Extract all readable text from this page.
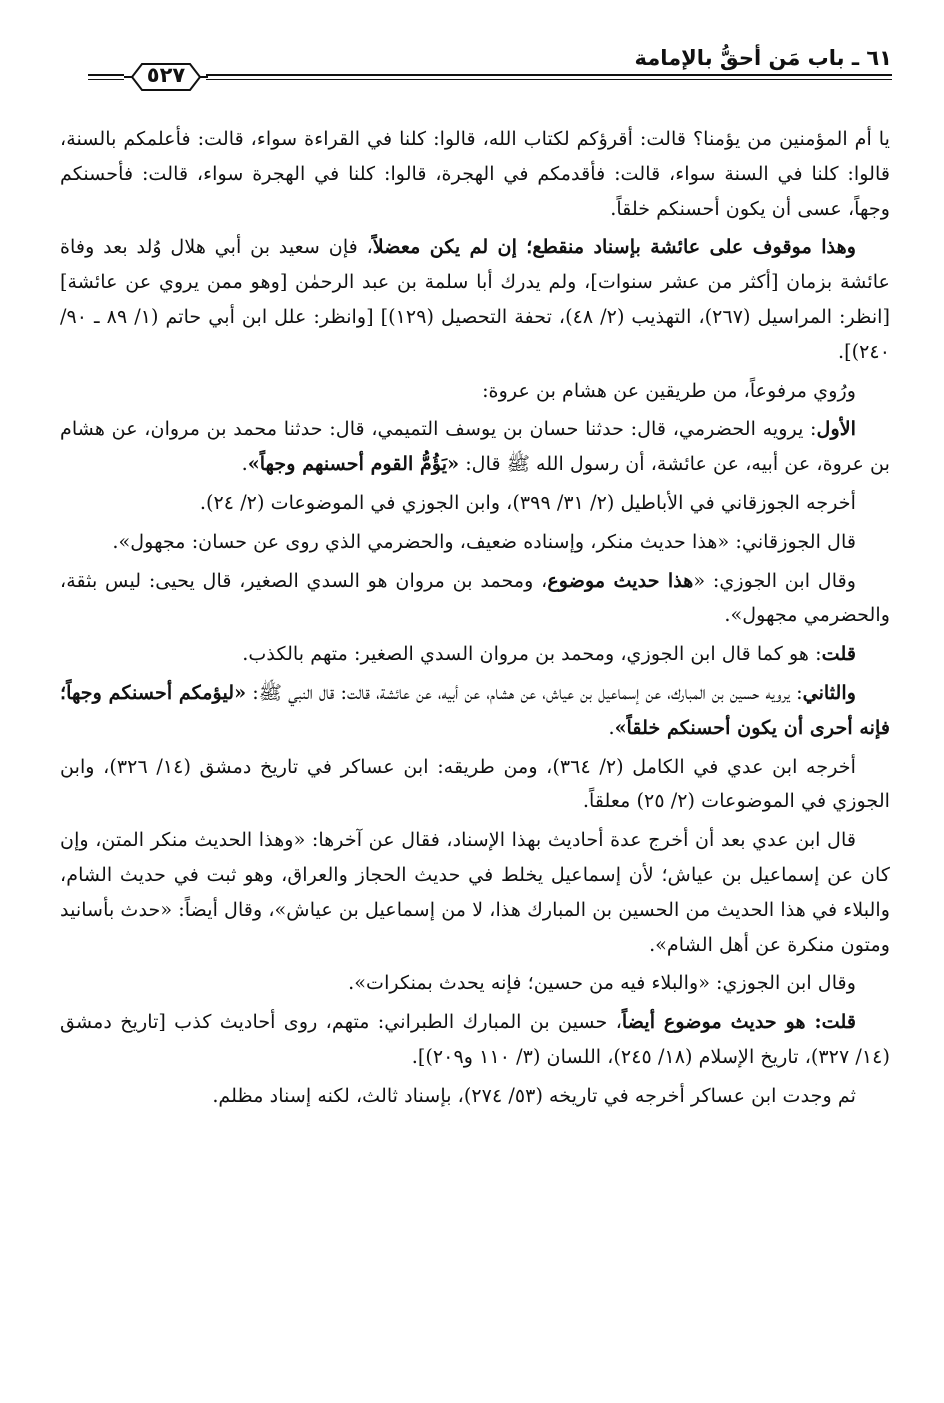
٦١ ـ باب مَن أحقُّ بالإمامة
٥٢٧

يا أم المؤمنين من يؤمنا؟ قالت: أقرؤكم لكتاب الله، قالوا: كلنا في القراءة سواء، قالت: فأعلمكم بالسنة، قالوا: كلنا في السنة سواء، قالت: فأقدمكم في الهجرة، قالوا: كلنا في الهجرة سواء، قالت: فأحسنكم وجهاً، عسى أن يكون أحسنكم خلقاً.

وهذا موقوف على عائشة بإسناد منقطع؛ إن لم يكن معضلاً، فإن سعيد بن أبي هلال وُلد بعد وفاة عائشة بزمان [أكثر من عشر سنوات]، ولم يدرك أبا سلمة بن عبد الرحمٰن [وهو ممن يروي عن عائشة] [انظر: المراسيل (٢٦٧)، التهذيب (٢/ ٤٨)، تحفة التحصيل (١٢٩)] [وانظر: علل ابن أبي حاتم (١/ ٨٩ ـ ٩٠/ ٢٤٠)].

ورُوي مرفوعاً، من طريقين عن هشام بن عروة:

الأول: يرويه الحضرمي، قال: حدثنا حسان بن يوسف التميمي، قال: حدثنا محمد بن مروان، عن هشام بن عروة، عن أبيه، عن عائشة، أن رسول الله ﷺ قال: «يَؤُمُّ القوم أحسنهم وجهاً».

أخرجه الجوزقاني في الأباطيل (٢/ ٣١/ ٣٩٩)، وابن الجوزي في الموضوعات (٢/ ٢٤).

قال الجوزقاني: «هذا حديث منكر، وإسناده ضعيف، والحضرمي الذي روى عن حسان: مجهول».

وقال ابن الجوزي: «هذا حديث موضوع، ومحمد بن مروان هو السدي الصغير، قال يحيى: ليس بثقة، والحضرمي مجهول».

قلت: هو كما قال ابن الجوزي، ومحمد بن مروان السدي الصغير: متهم بالكذب.

والثاني: يرويه حسين بن المبارك، عن إسماعيل بن عياش، عن هشام، عن أبيه، عن عائشة، قالت: قال النبي ﷺ: «ليؤمكم أحسنكم وجهاً؛ فإنه أحرى أن يكون أحسنكم خلقاً».

أخرجه ابن عدي في الكامل (٢/ ٣٦٤)، ومن طريقه: ابن عساكر في تاريخ دمشق (١٤/ ٣٢٦)، وابن الجوزي في الموضوعات (٢/ ٢٥) معلقاً.

قال ابن عدي بعد أن أخرج عدة أحاديث بهذا الإسناد، فقال عن آخرها: «وهذا الحديث منكر المتن، وإن كان عن إسماعيل بن عياش؛ لأن إسماعيل يخلط في حديث الحجاز والعراق، وهو ثبت في حديث الشام، والبلاء في هذا الحديث من الحسين بن المبارك هذا، لا من إسماعيل بن عياش»، وقال أيضاً: «حدث بأسانيد ومتون منكرة عن أهل الشام».

وقال ابن الجوزي: «والبلاء فيه من حسين؛ فإنه يحدث بمنكرات».

قلت: هو حديث موضوع أيضاً، حسين بن المبارك الطبراني: متهم، روى أحاديث كذب [تاريخ دمشق (١٤/ ٣٢٧)، تاريخ الإسلام (١٨/ ٢٤٥)، اللسان (٣/ ١١٠ و٢٠٩)].

ثم وجدت ابن عساكر أخرجه في تاريخه (٥٣/ ٢٧٤)، بإسناد ثالث، لكنه إسناد مظلم.
